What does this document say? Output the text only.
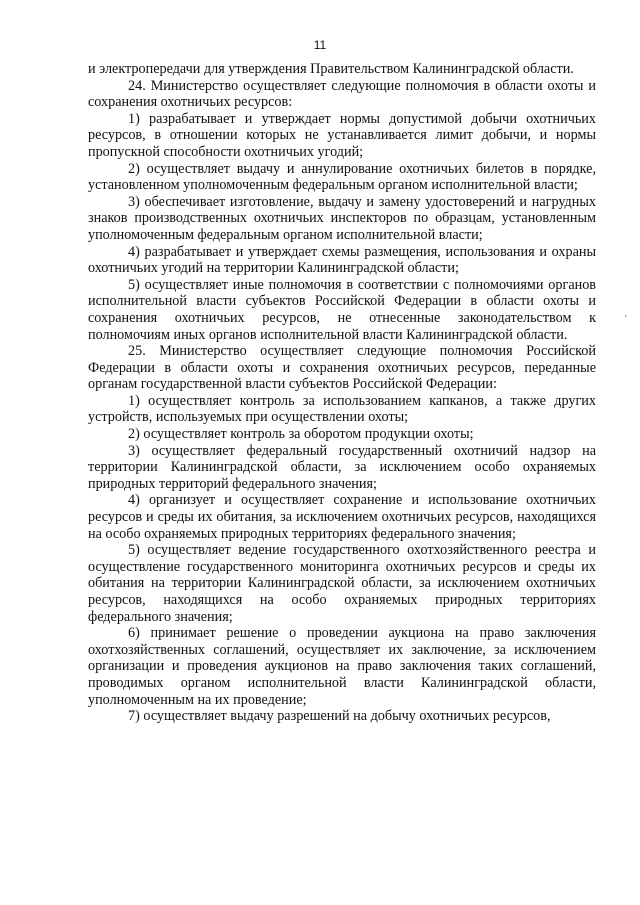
11

и электропередачи для утверждения Правительством Калининградской области.

24. Министерство осуществляет следующие полномочия в области охоты и сохранения охотничьих ресурсов:

1) разрабатывает и утверждает нормы допустимой добычи охотничьих ресурсов, в отношении которых не устанавливается лимит добычи, и нормы пропускной способности охотничьих угодий;

2) осуществляет выдачу и аннулирование охотничьих билетов в порядке, установленном уполномоченным федеральным органом исполнительной власти;

3) обеспечивает изготовление, выдачу и замену удостоверений и нагрудных знаков производственных охотничьих инспекторов по образцам, установленным уполномоченным федеральным органом исполнительной власти;

4) разрабатывает и утверждает схемы размещения, использования и охраны охотничьих угодий на территории Калининградской области;

5) осуществляет иные полномочия в соответствии с полномочиями органов исполнительной власти субъектов Российской Федерации в области охоты и сохранения охотничьих ресурсов, не отнесенные законодательством к полномочиям иных органов исполнительной власти Калининградской области.

25. Министерство осуществляет следующие полномочия Российской Федерации в области охоты и сохранения охотничьих ресурсов, переданные органам государственной власти субъектов Российской Федерации:

1) осуществляет контроль за использованием капканов, а также других устройств, используемых при осуществлении охоты;

2) осуществляет контроль за оборотом продукции охоты;

3) осуществляет федеральный государственный охотничий надзор на территории Калининградской области, за исключением особо охраняемых природных территорий федерального значения;

4) организует и осуществляет сохранение и использование охотничьих ресурсов и среды их обитания, за исключением охотничьих ресурсов, находящихся на особо охраняемых природных территориях федерального значения;

5) осуществляет ведение государственного охотхозяйственного реестра и осуществление государственного мониторинга охотничьих ресурсов и среды их обитания на территории Калининградской области, за исключением охотничьих ресурсов, находящихся на особо охраняемых природных территориях федерального значения;

6) принимает решение о проведении аукциона на право заключения охотхозяйственных соглашений, осуществляет их заключение, за исключением организации и проведения аукционов на право заключения таких соглашений, проводимых органом исполнительной власти Калининградской области, уполномоченным на их проведение;

7) осуществляет выдачу разрешений на добычу охотничьих ресурсов,

’
